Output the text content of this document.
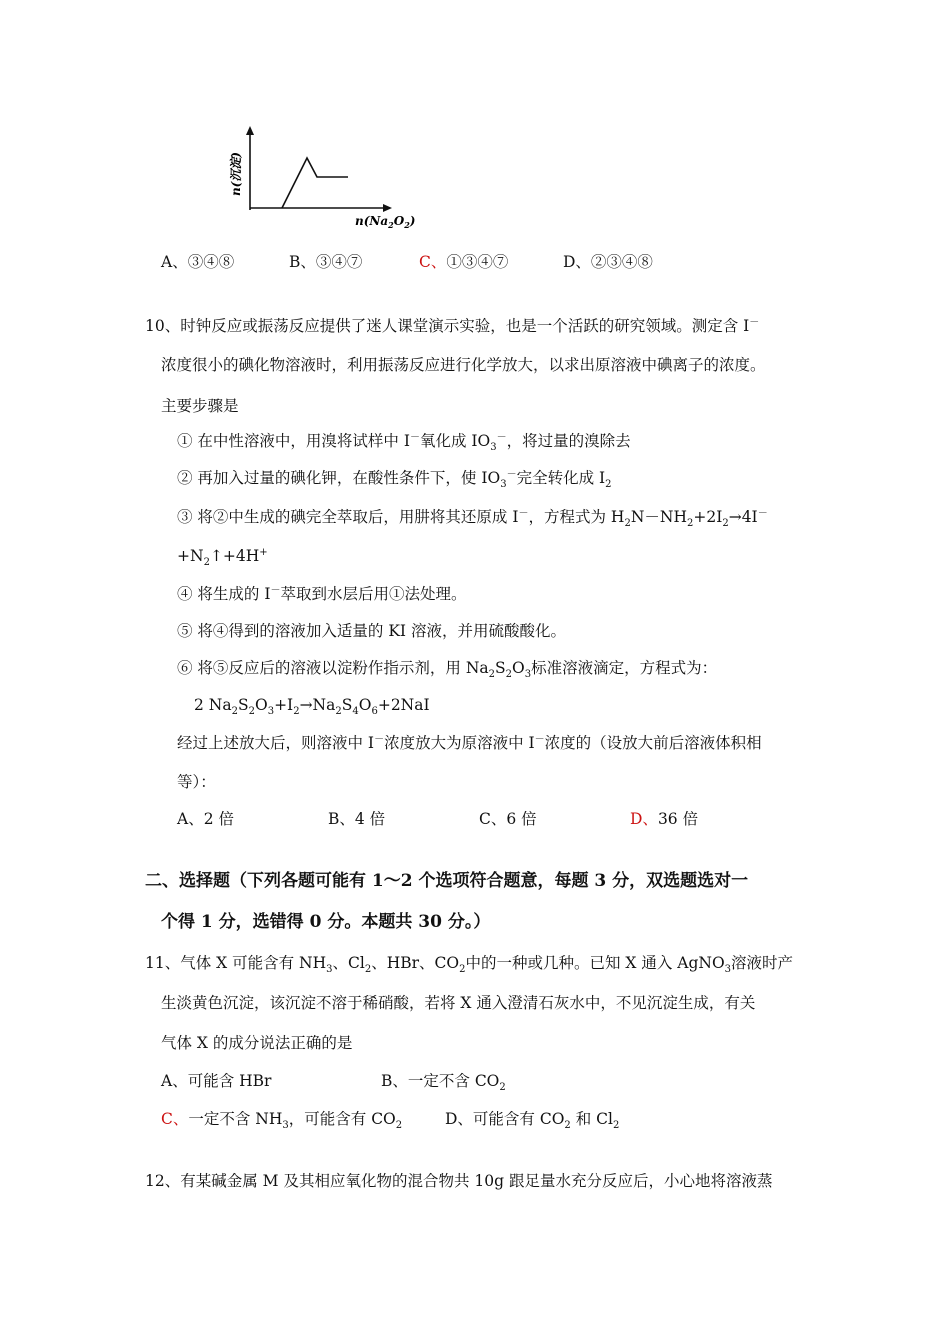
n(沉淀)
$n(Na_2O_2)$
A、③④⑧	B、③④⑦	C、①③④⑦	D、②③④⑧
10、时钟反应或振荡反应提供了迷人课堂演示实验，也是一个活跃的研究领域。测定含 I－
浓度很小的碘化物溶液时，利用振荡反应进行化学放大，以求出原溶液中碘离子的浓度。
主要步骤是
① 在中性溶液中，用溴将试样中 I－氧化成 $IO_3^-$，将过量的溴除去
② 再加入过量的碘化钾，在酸性条件下，使 $IO_3^-$完全转化成 $I_2$
③ 将②中生成的碘完全萃取后，用肼将其还原成 I－，方程式为 $H_2N-NH_2+2I_2\to 4I^-$
$+N_2↑+4H^+$
④ 将生成的 I－萃取到水层后用①法处理。
⑤ 将④得到的溶液加入适量的 KI 溶液，并用硫酸酸化。
⑥ 将⑤反应后的溶液以淀粉作指示剂，用 $Na_2S_2O_3$标准溶液滴定，方程式为：
2 $Na_2S_2O_3+I_2\to Na_2S_4O_6+2NaI$
经过上述放大后，则溶液中 I－浓度放大为原溶液中 I－浓度的（设放大前后溶液体积相
等）：
A、2 倍	B、4 倍	C、6 倍	D、36 倍
二、选择题（下列各题可能有 1～2 个选项符合题意，每题 3 分，双选题选对一
个得 1 分，选错得 0 分。本题共 30 分。）
11、气体 X 可能含有 $NH_3$、$Cl_2$、HBr、$CO_2$中的一种或几种。已知 X 通入 AgNO$_3$溶液时产
生淡黄色沉淀，该沉淀不溶于稀硝酸，若将 X 通入澄清石灰水中，不见沉淀生成，有关
气体 X 的成分说法正确的是
A、可能含 HBr	B、一定不含 $CO_2$
C、一定不含 $NH_3$，可能含有 $CO_2$	D、可能含有 $CO_2$ 和 $Cl_2$
12、有某碱金属 M 及其相应氧化物的混合物共 10g 跟足量水充分反应后，小心地将溶液蒸
